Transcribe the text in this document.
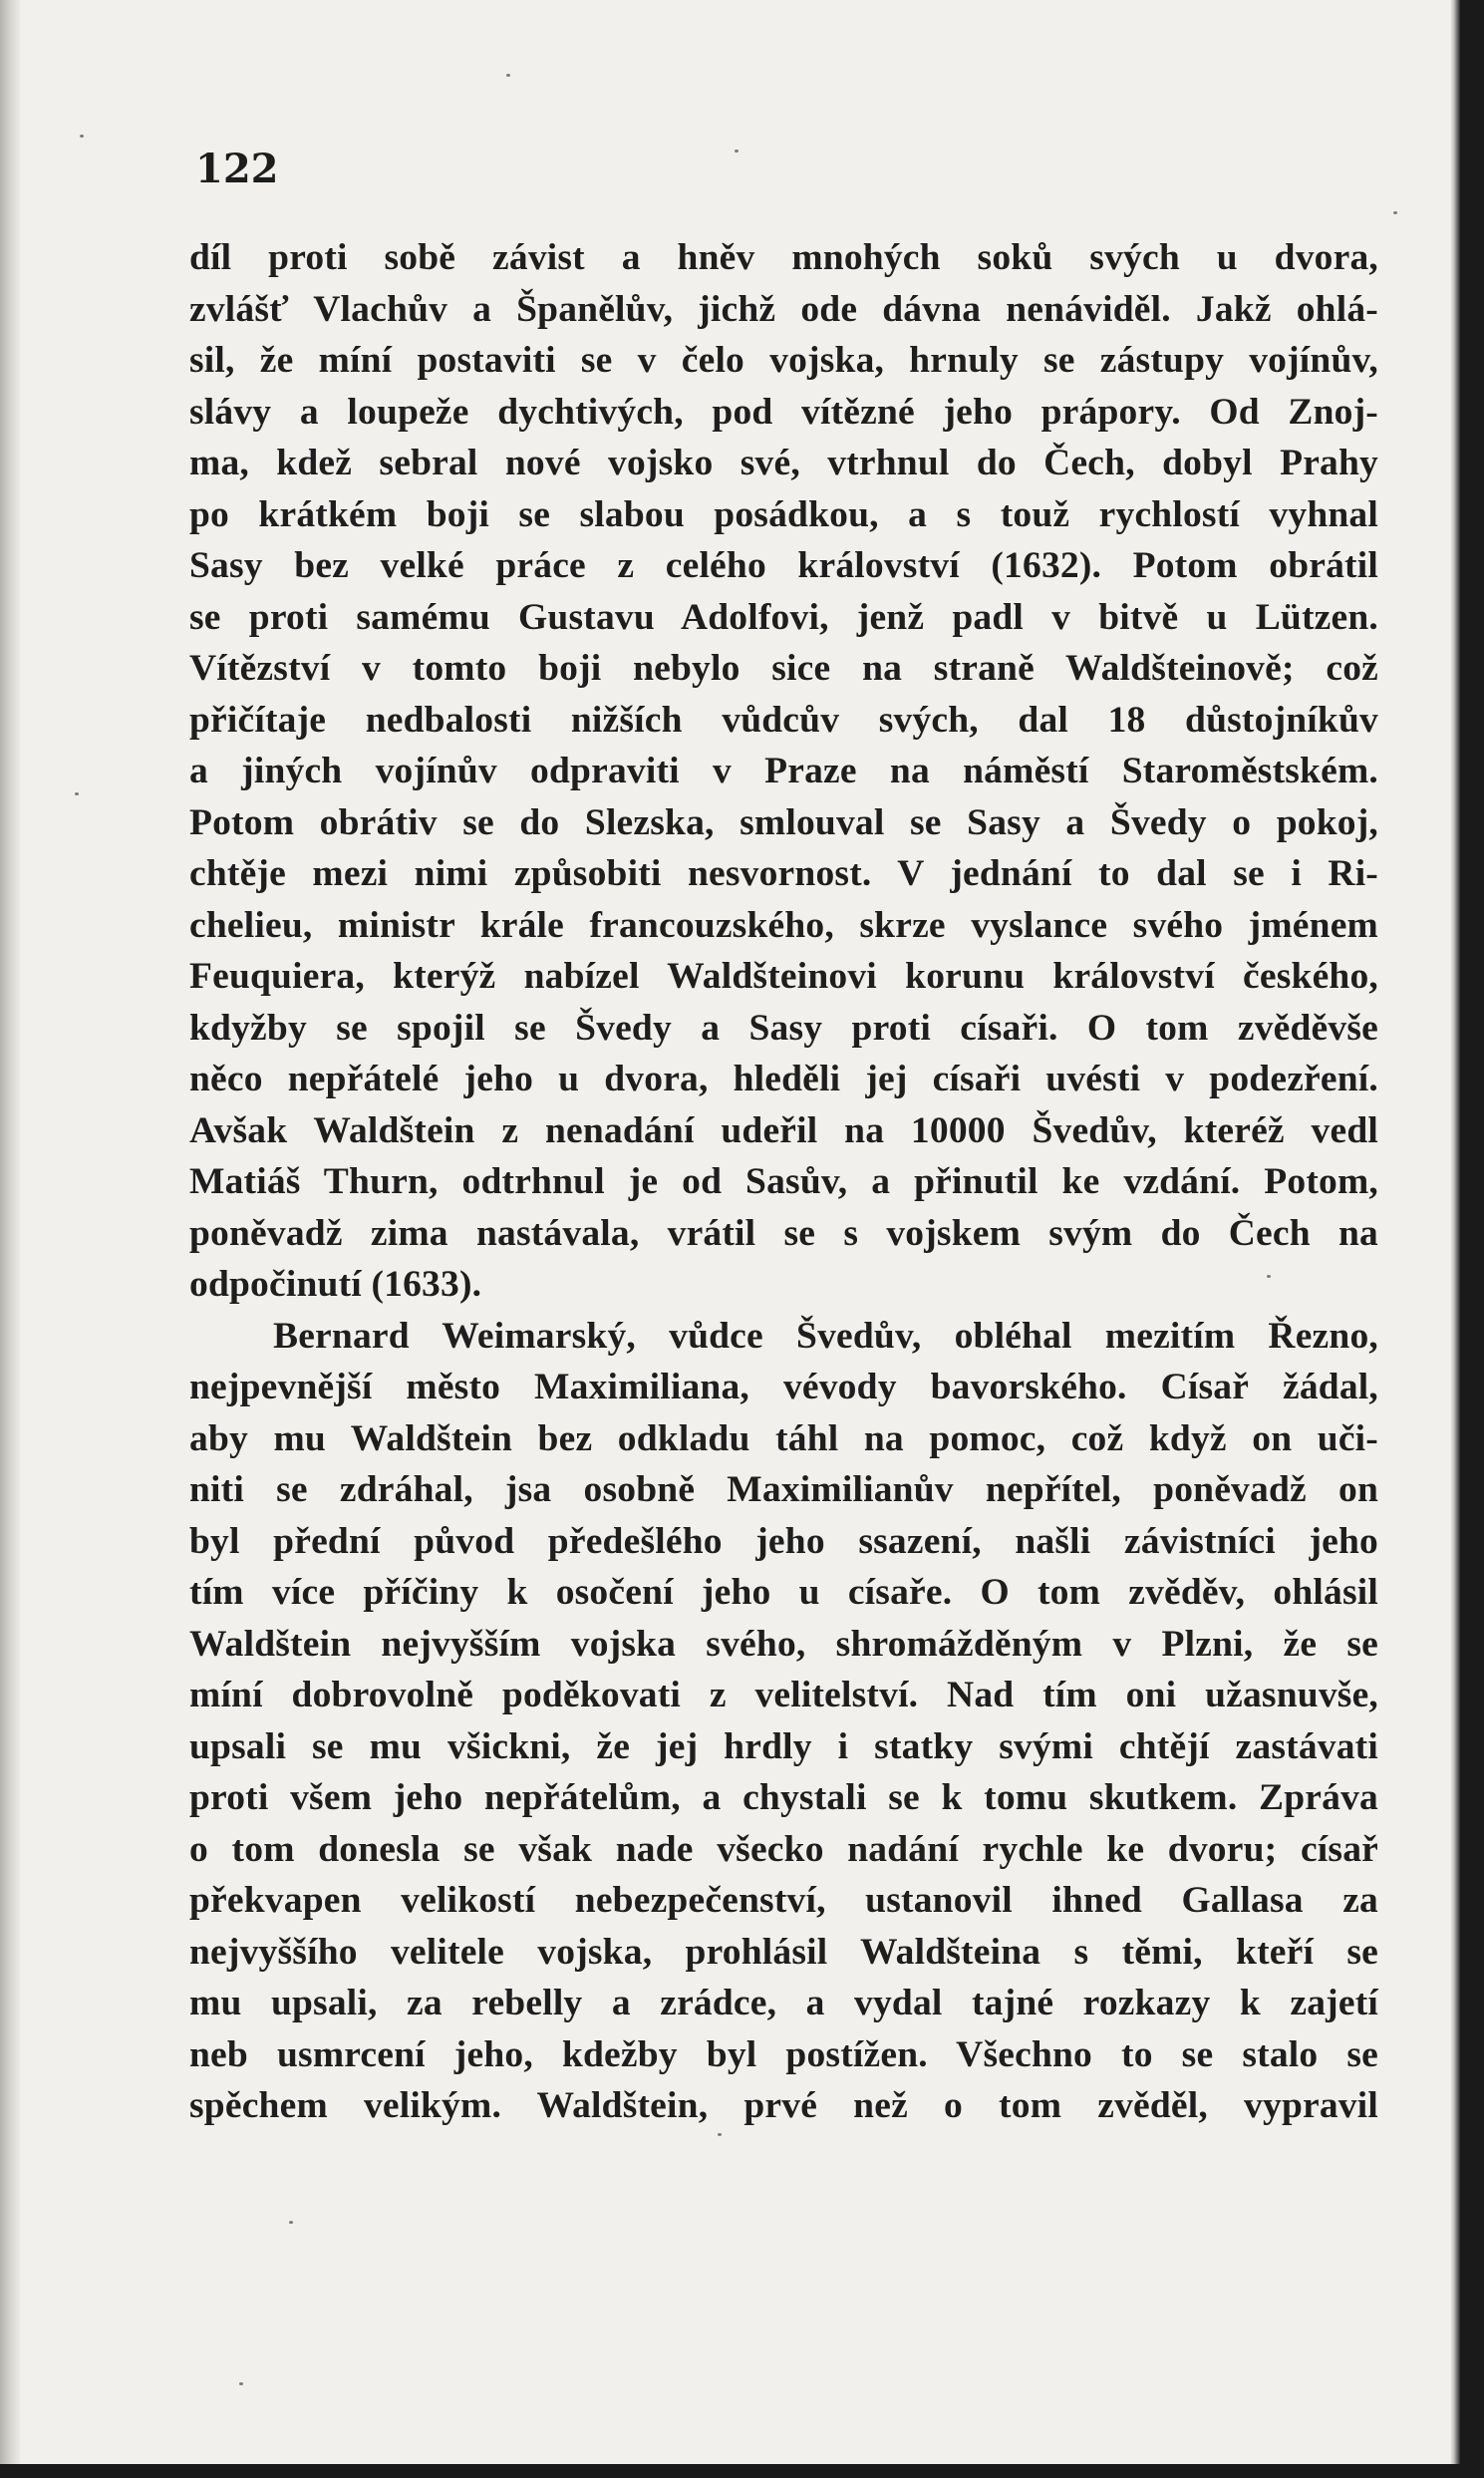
122
díl proti sobě závist a hněv mnohých soků svých u dvora,
zvlášť Vlachův a Španělův, jichž ode dávna nenáviděl. Jakž ohlá-
sil, že míní postaviti se v čelo vojska, hrnuly se zástupy vojínův,
slávy a loupeže dychtivých, pod vítězné jeho prápory. Od Znoj-
ma, kdež sebral nové vojsko své, vtrhnul do Čech, dobyl Prahy
po krátkém boji se slabou posádkou, a s touž rychlostí vyhnal
Sasy bez velké práce z celého království (1632). Potom obrátil
se proti samému Gustavu Adolfovi, jenž padl v bitvě u Lützen.
Vítězství v tomto boji nebylo sice na straně Waldšteinově; což
přičítaje nedbalosti nižších vůdcův svých, dal 18 důstojníkův
a jiných vojínův odpraviti v Praze na náměstí Staroměstském.
Potom obrátiv se do Slezska, smlouval se Sasy a Švedy o pokoj,
chtěje mezi nimi způsobiti nesvornost. V jednání to dal se i Ri-
chelieu, ministr krále francouzského, skrze vyslance svého jménem
Feuquiera, kterýž nabízel Waldšteinovi korunu království českého,
kdyžby se spojil se Švedy a Sasy proti císaři. O tom zvěděvše
něco nepřátelé jeho u dvora, hleděli jej císaři uvésti v podezření.
Avšak Waldštein z nenadání udeřil na 10000 Švedův, kteréž vedl
Matiáš Thurn, odtrhnul je od Sasův, a přinutil ke vzdání. Potom,
poněvadž zima nastávala, vrátil se s vojskem svým do Čech na
odpočinutí (1633).
Bernard Weimarský, vůdce Švedův, obléhal mezitím Řezno,
nejpevnější město Maximiliana, vévody bavorského. Císař žádal,
aby mu Waldštein bez odkladu táhl na pomoc, což když on uči-
niti se zdráhal, jsa osobně Maximilianův nepřítel, poněvadž on
byl přední původ předešlého jeho ssazení, našli závistníci jeho
tím více příčiny k osočení jeho u císaře. O tom zvěděv, ohlásil
Waldštein nejvyšším vojska svého, shromážděným v Plzni, že se
míní dobrovolně poděkovati z velitelství. Nad tím oni užasnuvše,
upsali se mu všickni, že jej hrdly i statky svými chtějí zastávati
proti všem jeho nepřátelům, a chystali se k tomu skutkem. Zpráva
o tom donesla se však nade všecko nadání rychle ke dvoru; císař
překvapen velikostí nebezpečenství, ustanovil ihned Gallasa za
nejvyššího velitele vojska, prohlásil Waldšteina s těmi, kteří se
mu upsali, za rebelly a zrádce, a vydal tajné rozkazy k zajetí
neb usmrcení jeho, kdežby byl postížen. Všechno to se stalo se
spěchem velikým. Waldštein, prvé než o tom zvěděl, vypravil
